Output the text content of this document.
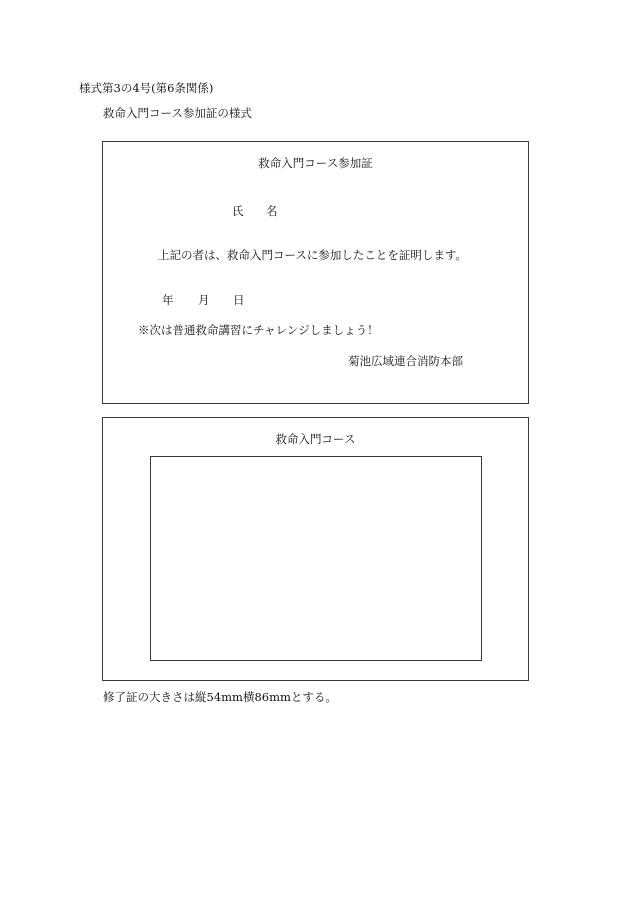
様式第3の4号(第6条関係)
救命入門コース参加証の様式
救命入門コース参加証
氏 名
上記の者は、救命入門コースに参加したことを証明します。
年 月 日
※次は普通救命講習にチャレンジしましょう！
菊池広域連合消防本部
救命入門コース
修了証の大きさは縦54mm横86mmとする。
